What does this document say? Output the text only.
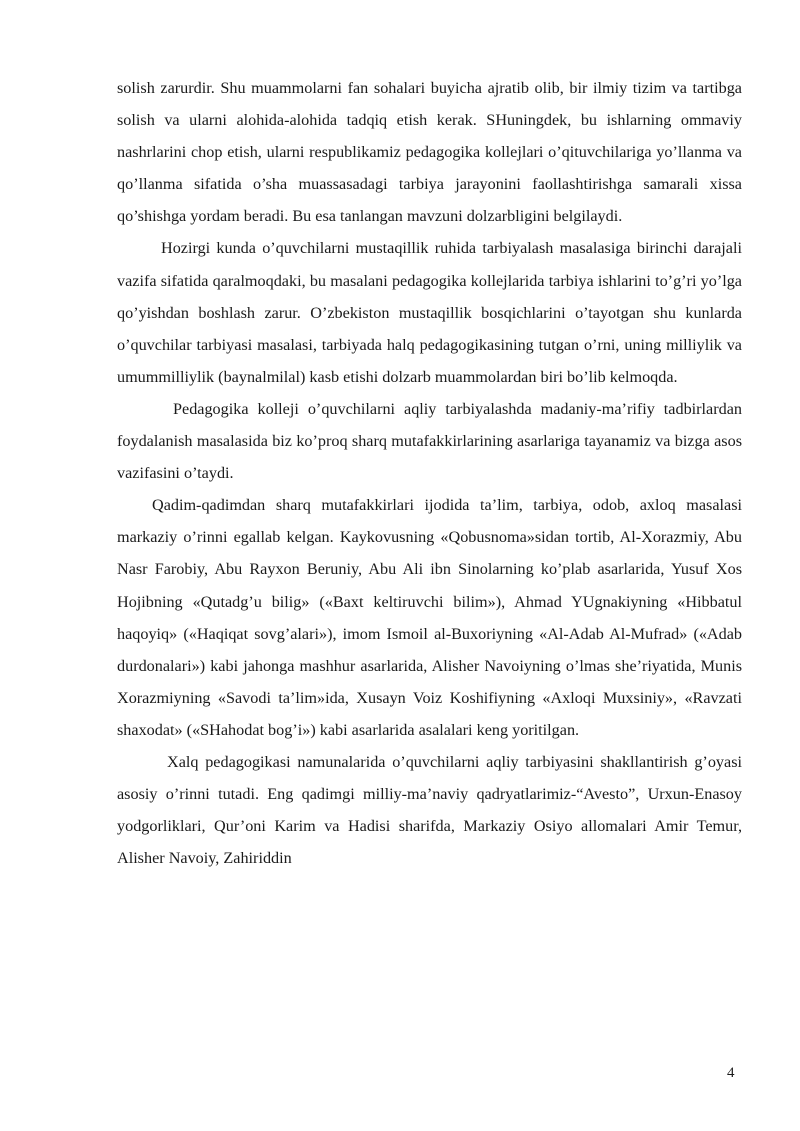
solish zarurdir. Shu muammolarni fan sohalari buyicha ajratib olib, bir ilmiy tizim va tartibga solish va ularni alohida-alohida tadqiq etish kerak. SHuningdek, bu ishlarning ommaviy nashrlarini chop etish, ularni respublikamiz pedagogika kollejlari o’qituvchilariga yo’llanma va qo’llanma sifatida o’sha muassasadagi tarbiya jarayonini faollashtirishga samarali xissa qo’shishga yordam beradi. Bu esa tanlangan mavzuni dolzarbligini belgilaydi.

Hozirgi kunda o’quvchilarni mustaqillik ruhida tarbiyalash masalasiga birinchi darajali vazifa sifatida qaralmoqdaki, bu masalani pedagogika kollejlarida tarbiya ishlarini to’g’ri yo’lga qo’yishdan boshlash zarur. O’zbekiston mustaqillik bosqichlarini o’tayotgan shu kunlarda o’quvchilar tarbiyasi masalasi, tarbiyada halq pedagogikasining tutgan o’rni, uning milliylik va umummilliylik (baynalmilal) kasb etishi dolzarb muammolardan biri bo’lib kelmoqda.

Pedagogika kolleji o’quvchilarni aqliy tarbiyalashda madaniy-ma’rifiy tadbirlardan foydalanish masalasida biz ko’proq sharq mutafakkirlarining asarlariga tayanamiz va bizga asos vazifasini o’taydi.

Qadim-qadimdan sharq mutafakkirlari ijodida ta’lim, tarbiya, odob, axloq masalasi markaziy o’rinni egallab kelgan. Kaykovusning «Qobusnoma»sidan tortib, Al-Xorazmiy, Abu Nasr Farobiy, Abu Rayxon Beruniy, Abu Ali ibn Sinolarning ko’plab asarlarida, Yusuf Xos Hojibning «Qutadg’u bilig» («Baxt keltiruvchi bilim»), Ahmad YUgnakiyning «Hibbatul haqoyiq» («Haqiqat sovg’alari»), imom Ismoil al-Buxoriyning «Al-Adab Al-Mufrad» («Adab durdonalari») kabi jahonga mashhur asarlarida, Alisher Navoiyning o’lmas she’riyatida, Munis Xorazmiyning «Savodi ta’lim»ida, Xusayn Voiz Koshifiyning «Axloqi Muxsiniy», «Ravzati shaxodat» («SHahodat bog’i») kabi asarlarida asalalari keng yoritilgan.

Xalq pedagogikasi namunalarida o’quvchilarni aqliy tarbiyasini shakllantirish g’oyasi asosiy o’rinni tutadi. Eng qadimgi milliy-ma’naviy qadryatlarimiz-“Avesto”, Urxun-Enasoy yodgorliklari, Qur’oni Karim va Hadisi sharifda, Markaziy Osiyo allomalari Amir Temur, Alisher Navoiy, Zahiriddin

4
